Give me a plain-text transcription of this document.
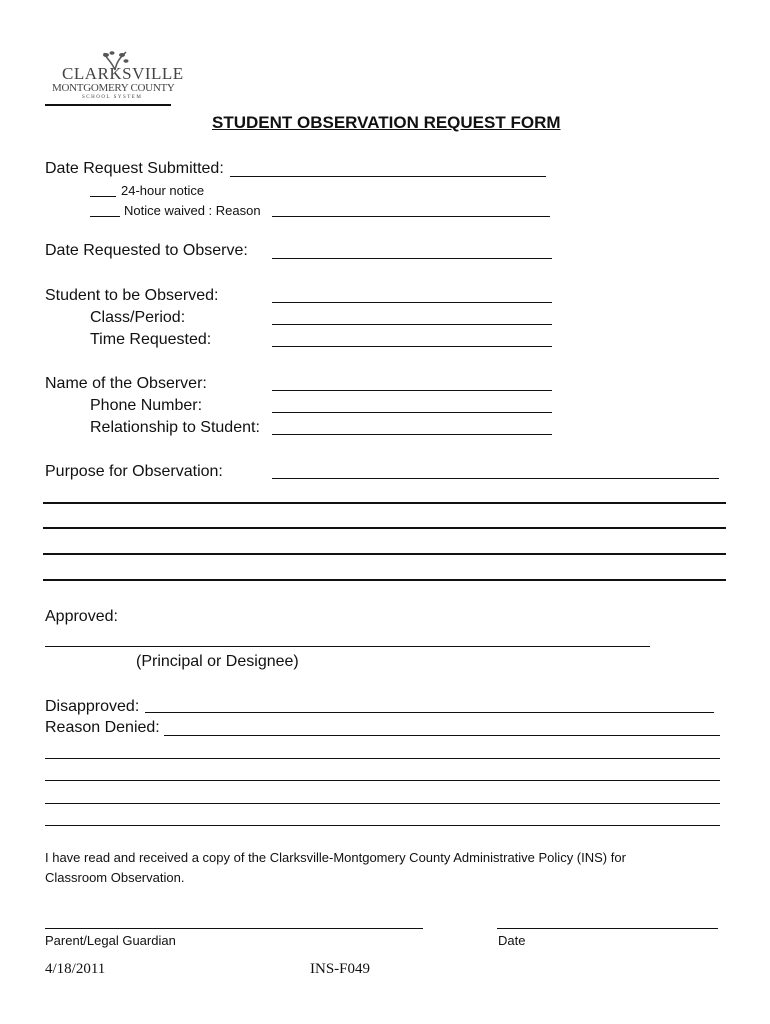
CLARKSVILLE
MONTGOMERY COUNTY
SCHOOL SYSTEM
STUDENT OBSERVATION REQUEST FORM
Date Request Submitted:
24-hour notice
Notice waived : Reason
Date Requested to Observe:
Student to be Observed:
Class/Period:
Time Requested:
Name of the Observer:
Phone Number:
Relationship to Student:
Purpose for Observation:
Approved:
(Principal or Designee)
Disapproved:
Reason Denied:
I have read and received a copy of the Clarksville-Montgomery County Administrative Policy (INS) for
Classroom Observation.
Parent/Legal Guardian	Date
4/18/2011	INS-F049
